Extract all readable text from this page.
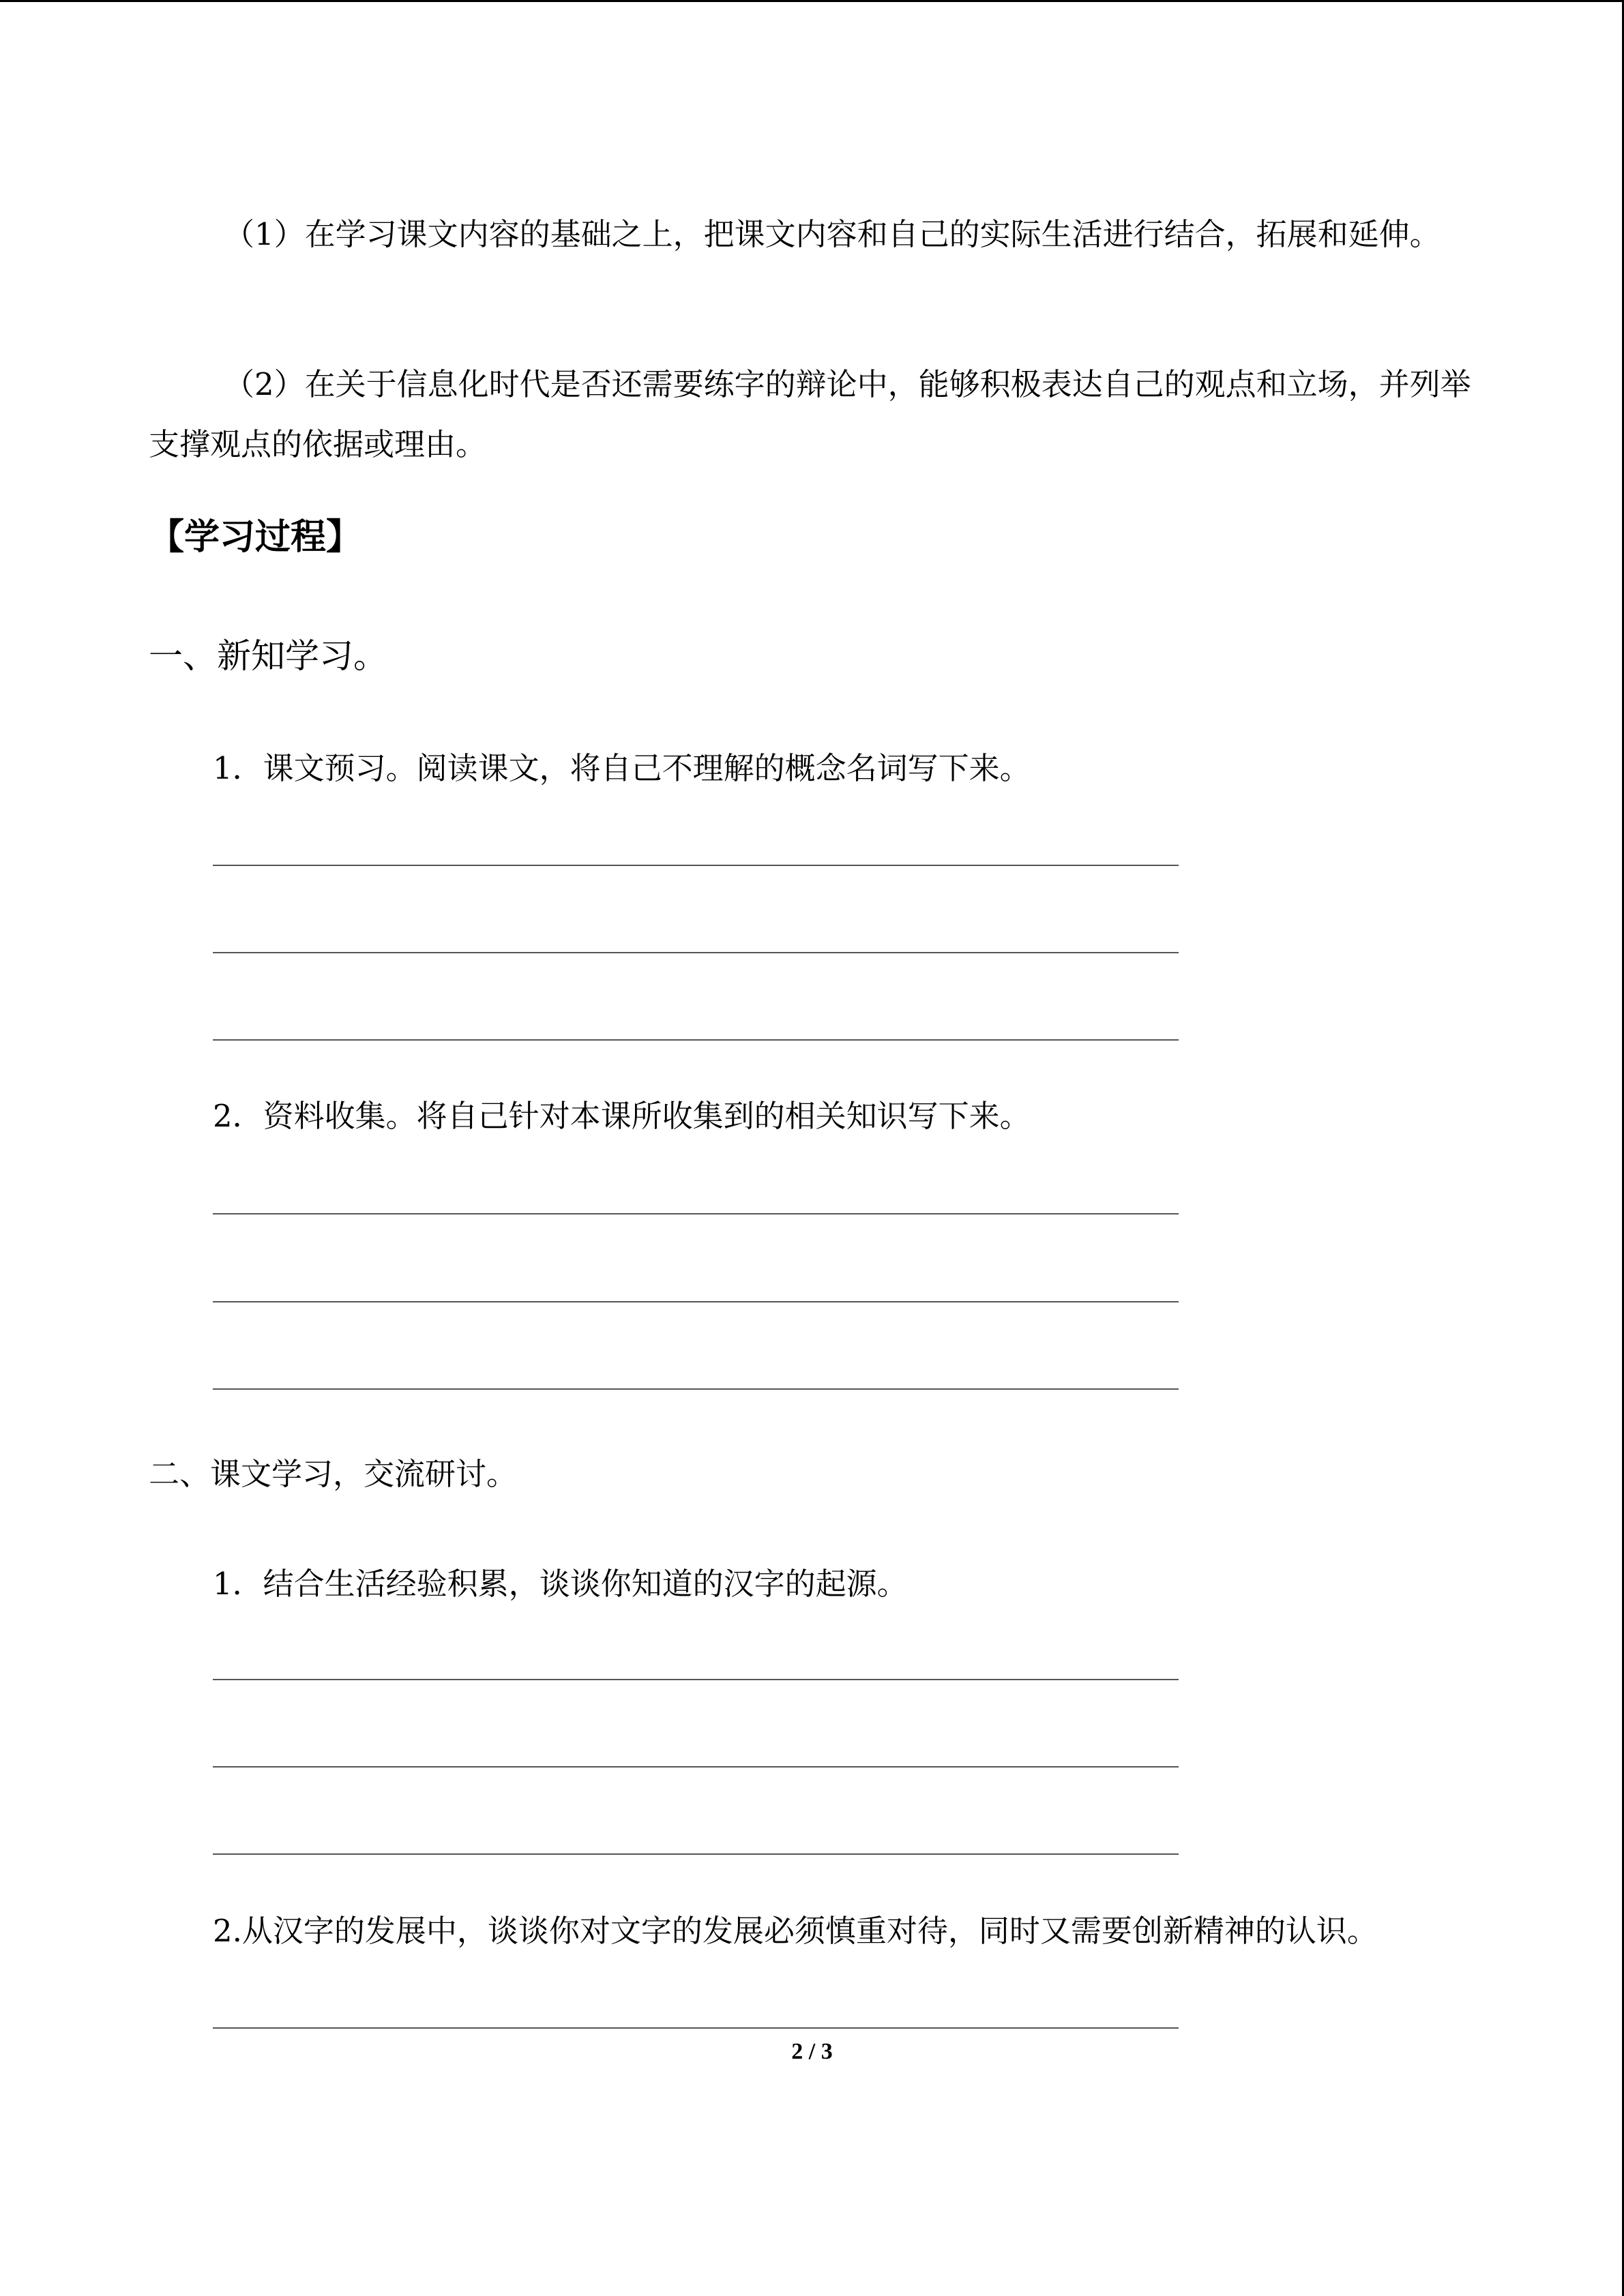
（1）在学习课文内容的基础之上，把课文内容和自己的实际生活进行结合，拓展和延伸。

（2）在关于信息化时代是否还需要练字的辩论中，能够积极表达自己的观点和立场，并列举支撑观点的依据或理由。

【学习过程】

一、新知学习。

1．课文预习。阅读课文，将自己不理解的概念名词写下来。

2．资料收集。将自己针对本课所收集到的相关知识写下来。

二、课文学习，交流研讨。

1．结合生活经验积累，谈谈你知道的汉字的起源。

2.从汉字的发展中，谈谈你对文字的发展必须慎重对待，同时又需要创新精神的认识。

2 / 3
